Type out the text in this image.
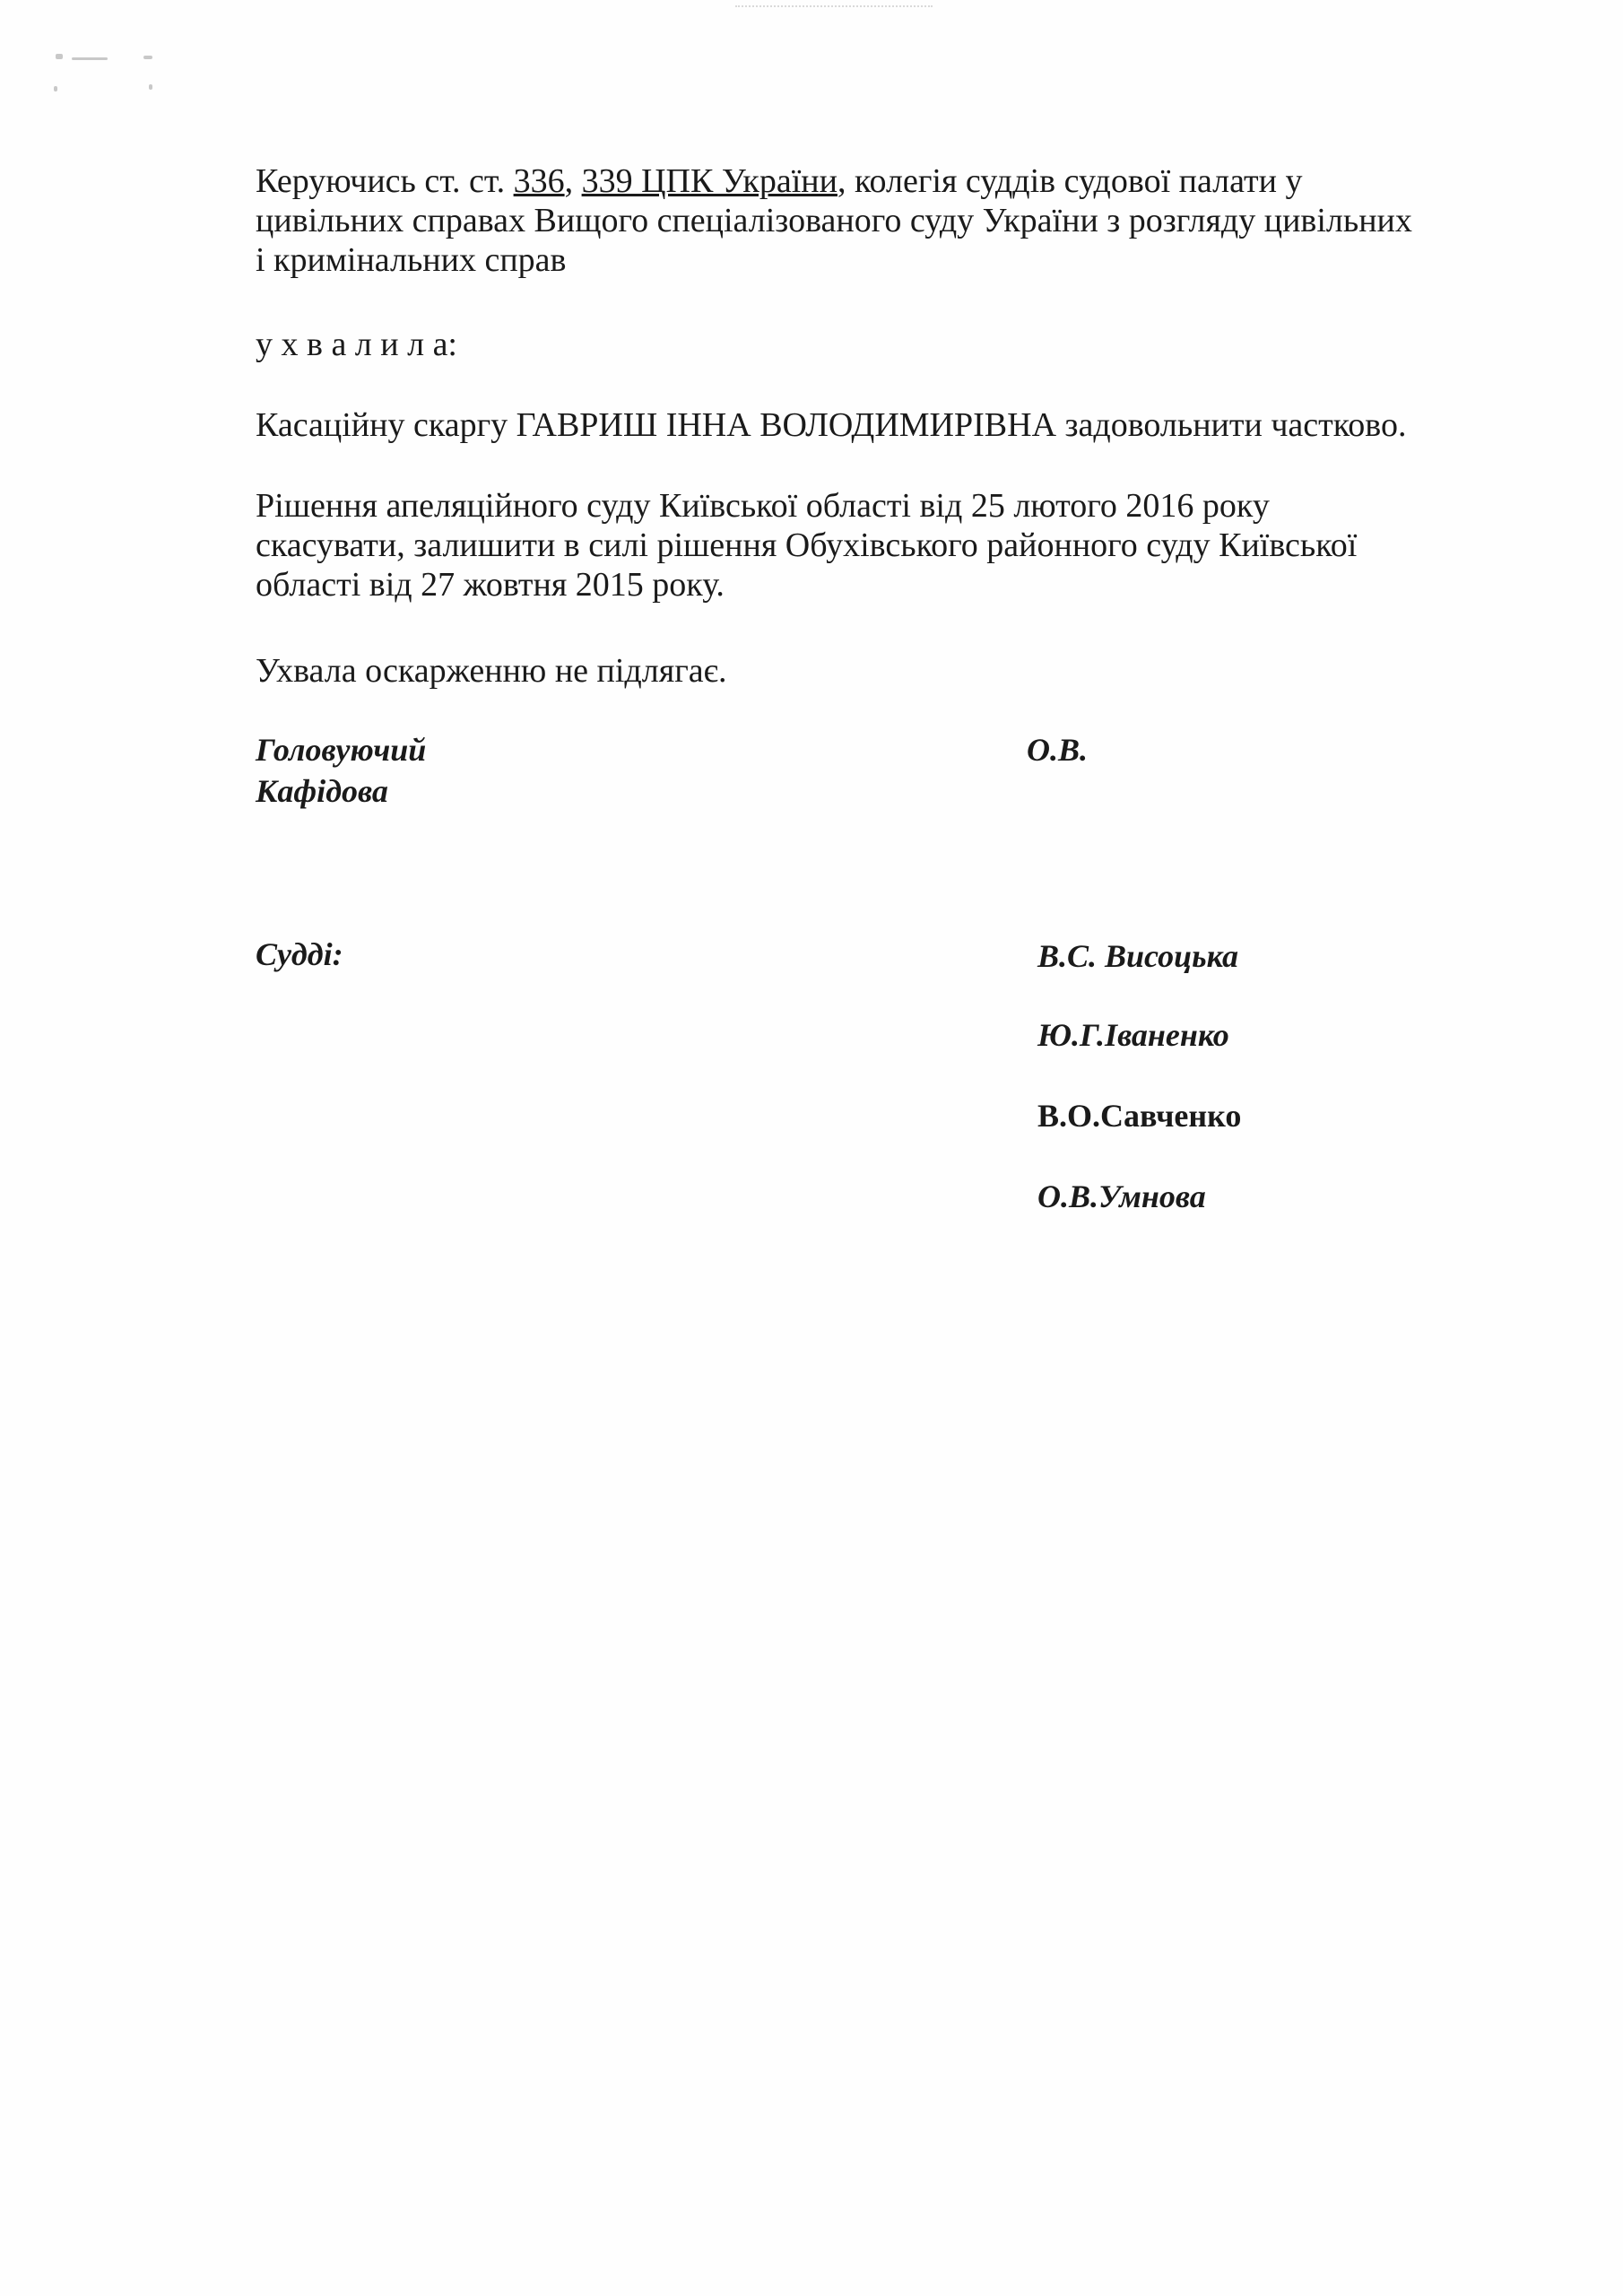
Керуючись ст. ст. 336, 339 ЦПК України, колегія суддів судової палати у
цивільних справах Вищого спеціалізованого суду України з розгляду цивільних
і кримінальних справ

у х в а л и л а:

Касаційну скаргу ГАВРИШ ІННА ВОЛОДИМИРІВНА задовольнити частково.

Рішення апеляційного суду Київської області від 25 лютого 2016 року
скасувати, залишити в силі рішення Обухівського районного суду Київської
області від 27 жовтня 2015 року.

Ухвала оскарженню не підлягає.

Головуючий

Кафідова

О.В.

Судді:	В.С. Висоцька

Ю.Г.Іваненко

В.О.Савченко

О.В.Умнова
